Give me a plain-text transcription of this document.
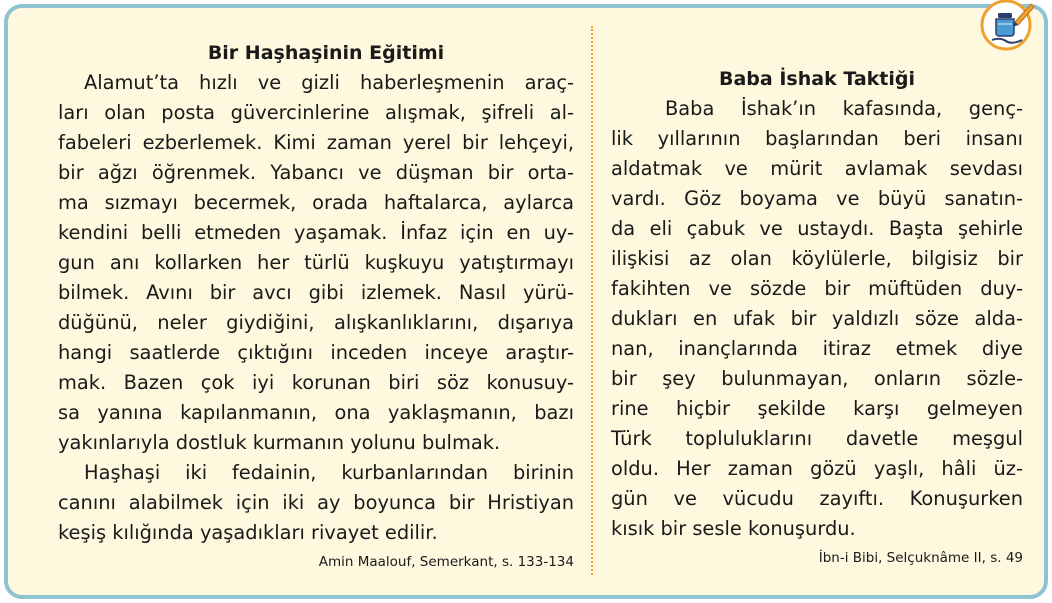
Bir Haşhaşinin Eğitimi
Alamut’ta hızlı ve gizli haberleşmenin araç-
ları olan posta güvercinlerine alışmak, şifreli al-
fabeleri ezberlemek. Kimi zaman yerel bir lehçeyi,
bir ağzı öğrenmek. Yabancı ve düşman bir orta-
ma sızmayı becermek, orada haftalarca, aylarca
kendini belli etmeden yaşamak. İnfaz için en uy-
gun anı kollarken her türlü kuşkuyu yatıştırmayı
bilmek. Avını bir avcı gibi izlemek. Nasıl yürü-
düğünü, neler giydiğini, alışkanlıklarını, dışarıya
hangi saatlerde çıktığını inceden inceye araştır-
mak. Bazen çok iyi korunan biri söz konusuy-
sa yanına kapılanmanın, ona yaklaşmanın, bazı
yakınlarıyla dostluk kurmanın yolunu bulmak.
Haşhaşi iki fedainin, kurbanlarından birinin
canını alabilmek için iki ay boyunca bir Hristiyan
keşiş kılığında yaşadıkları rivayet edilir.
Amin Maalouf, Semerkant, s. 133-134
Baba İshak Taktiği
Baba İshak’ın kafasında, genç-
lik yıllarının başlarından beri insanı
aldatmak ve mürit avlamak sevdası
vardı. Göz boyama ve büyü sanatın-
da eli çabuk ve ustaydı. Başta şehirle
ilişkisi az olan köylülerle, bilgisiz bir
fakihten ve sözde bir müftüden duy-
dukları en ufak bir yaldızlı söze alda-
nan, inançlarında itiraz etmek diye
bir şey bulunmayan, onların sözle-
rine hiçbir şekilde karşı gelmeyen
Türk topluluklarını davetle meşgul
oldu. Her zaman gözü yaşlı, hâli üz-
gün ve vücudu zayıftı. Konuşurken
kısık bir sesle konuşurdu.
İbn-i Bibi, Selçuknâme II, s. 49
